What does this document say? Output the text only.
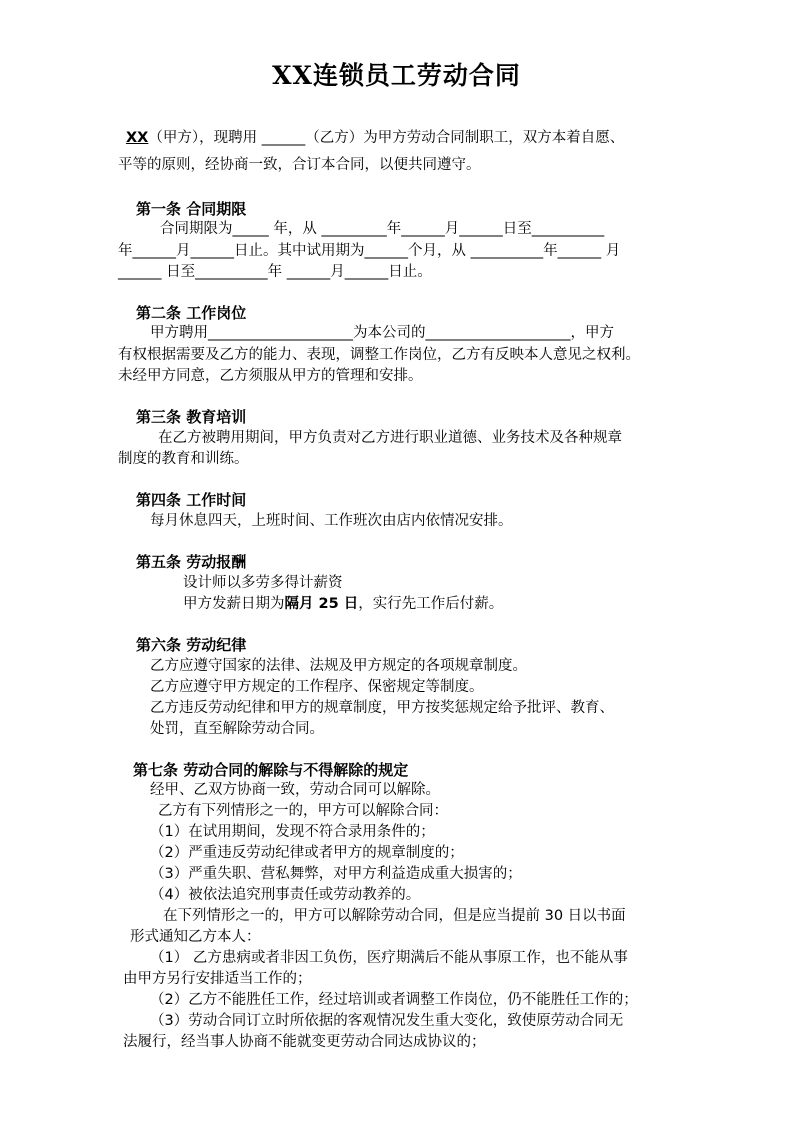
XX连锁员工劳动合同
XX（甲方），现聘用 ______（乙方）为甲方劳动合同制职工，双方本着自愿、
平等的原则，经协商一致，合订本合同，以便共同遵守。
第一条 合同期限
合同期限为_____ 年，从 _________年______月______日至__________
年______月______日止。其中试用期为______个月，从 __________年______ 月
______ 日至__________年 ______月______日止。
第二条 工作岗位
甲方聘用____________________为本公司的____________________，甲方
有权根据需要及乙方的能力、表现，调整工作岗位，乙方有反映本人意见之权利。
未经甲方同意，乙方须服从甲方的管理和安排。
第三条 教育培训
在乙方被聘用期间，甲方负责对乙方进行职业道德、业务技术及各种规章
制度的教育和训练。
第四条 工作时间
每月休息四天，上班时间、工作班次由店内依情况安排。
第五条 劳动报酬
设计师以多劳多得计薪资
甲方发薪日期为隔月 25 日，实行先工作后付薪。
第六条 劳动纪律
乙方应遵守国家的法律、法规及甲方规定的各项规章制度。
乙方应遵守甲方规定的工作程序、保密规定等制度。
乙方违反劳动纪律和甲方的规章制度，甲方按奖惩规定给予批评、教育、
处罚，直至解除劳动合同。
第七条 劳动合同的解除与不得解除的规定
经甲、乙双方协商一致，劳动合同可以解除。
乙方有下列情形之一的，甲方可以解除合同：
（1）在试用期间，发现不符合录用条件的；
（2）严重违反劳动纪律或者甲方的规章制度的；
（3）严重失职、营私舞弊，对甲方利益造成重大损害的；
（4）被依法追究刑事责任或劳动教养的。
在下列情形之一的，甲方可以解除劳动合同，但是应当提前 30 日以书面
形式通知乙方本人：
（1） 乙方患病或者非因工负伤，医疗期满后不能从事原工作，也不能从事
由甲方另行安排适当工作的；
（2）乙方不能胜任工作，经过培训或者调整工作岗位，仍不能胜任工作的；
（3）劳动合同订立时所依据的客观情况发生重大变化，致使原劳动合同无
法履行，经当事人协商不能就变更劳动合同达成协议的；
